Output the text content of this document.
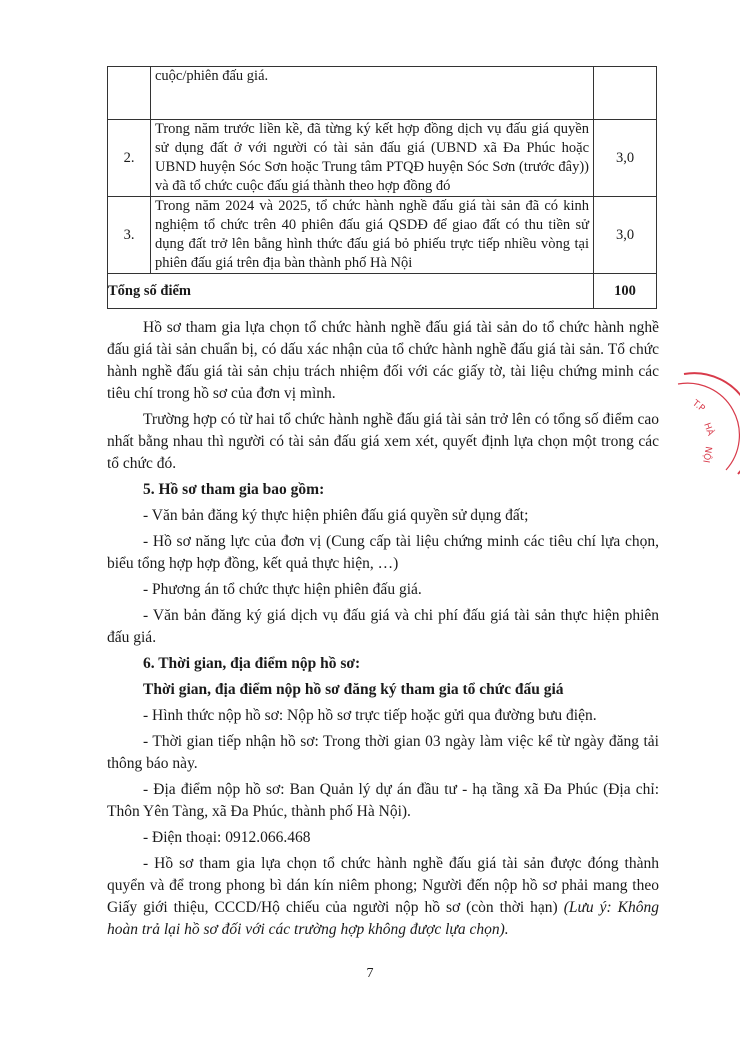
	cuộc/phiên đấu giá.	
2.	Trong năm trước liền kề, đã từng ký kết hợp đồng dịch vụ đấu giá quyền sử dụng đất ở với người có tài sản đấu giá (UBND xã Đa Phúc hoặc UBND huyện Sóc Sơn hoặc Trung tâm PTQĐ huyện Sóc Sơn (trước đây)) và đã tổ chức cuộc đấu giá thành theo hợp đồng đó	3,0
3.	Trong năm 2024 và 2025, tổ chức hành nghề đấu giá tài sản đã có kinh nghiệm tổ chức trên 40 phiên đấu giá QSDĐ để giao đất có thu tiền sử dụng đất trở lên bằng hình thức đấu giá bỏ phiếu trực tiếp nhiều vòng tại phiên đấu giá trên địa bàn thành phố Hà Nội	3,0
Tổng số điểm		100

Hồ sơ tham gia lựa chọn tổ chức hành nghề đấu giá tài sản do tổ chức hành nghề đấu giá tài sản chuẩn bị, có dấu xác nhận của tổ chức hành nghề đấu giá tài sản. Tổ chức hành nghề đấu giá tài sản chịu trách nhiệm đối với các giấy tờ, tài liệu chứng minh các tiêu chí trong hồ sơ của đơn vị mình.

Trường hợp có từ hai tổ chức hành nghề đấu giá tài sản trở lên có tổng số điểm cao nhất bằng nhau thì người có tài sản đấu giá xem xét, quyết định lựa chọn một trong các tổ chức đó.

5. Hồ sơ tham gia bao gồm:

- Văn bản đăng ký thực hiện phiên đấu giá quyền sử dụng đất;

- Hồ sơ năng lực của đơn vị (Cung cấp tài liệu chứng minh các tiêu chí lựa chọn, biểu tổng hợp hợp đồng, kết quả thực hiện, …)

- Phương án tổ chức thực hiện phiên đấu giá.

- Văn bản đăng ký giá dịch vụ đấu giá và chi phí đấu giá tài sản thực hiện phiên           đấu giá.

6. Thời gian, địa điểm nộp hồ sơ:

Thời gian, địa điểm nộp hồ sơ đăng ký tham gia tổ chức đấu giá

- Hình thức nộp hồ sơ: Nộp hồ sơ trực tiếp hoặc gửi qua đường bưu điện.

- Thời gian tiếp nhận hồ sơ: Trong thời gian 03 ngày làm việc kể từ ngày đăng tải thông báo này.

- Địa điểm nộp hồ sơ: Ban Quản lý dự án đầu tư - hạ tầng xã Đa Phúc (Địa chỉ: Thôn Yên Tàng, xã Đa Phúc, thành phố Hà Nội).

- Điện thoại: 0912.066.468

- Hồ sơ tham gia lựa chọn tổ chức hành nghề đấu giá tài sản được đóng thành quyển và để trong phong bì dán kín niêm phong; Người đến nộp hồ sơ phải mang theo Giấy giới thiệu, CCCD/Hộ chiếu của người nộp hồ sơ (còn thời hạn) (Lưu ý: Không hoàn trả lại hồ sơ đối với các trường hợp không được lựa chọn).

T.P
HÀ
NỘI
7
